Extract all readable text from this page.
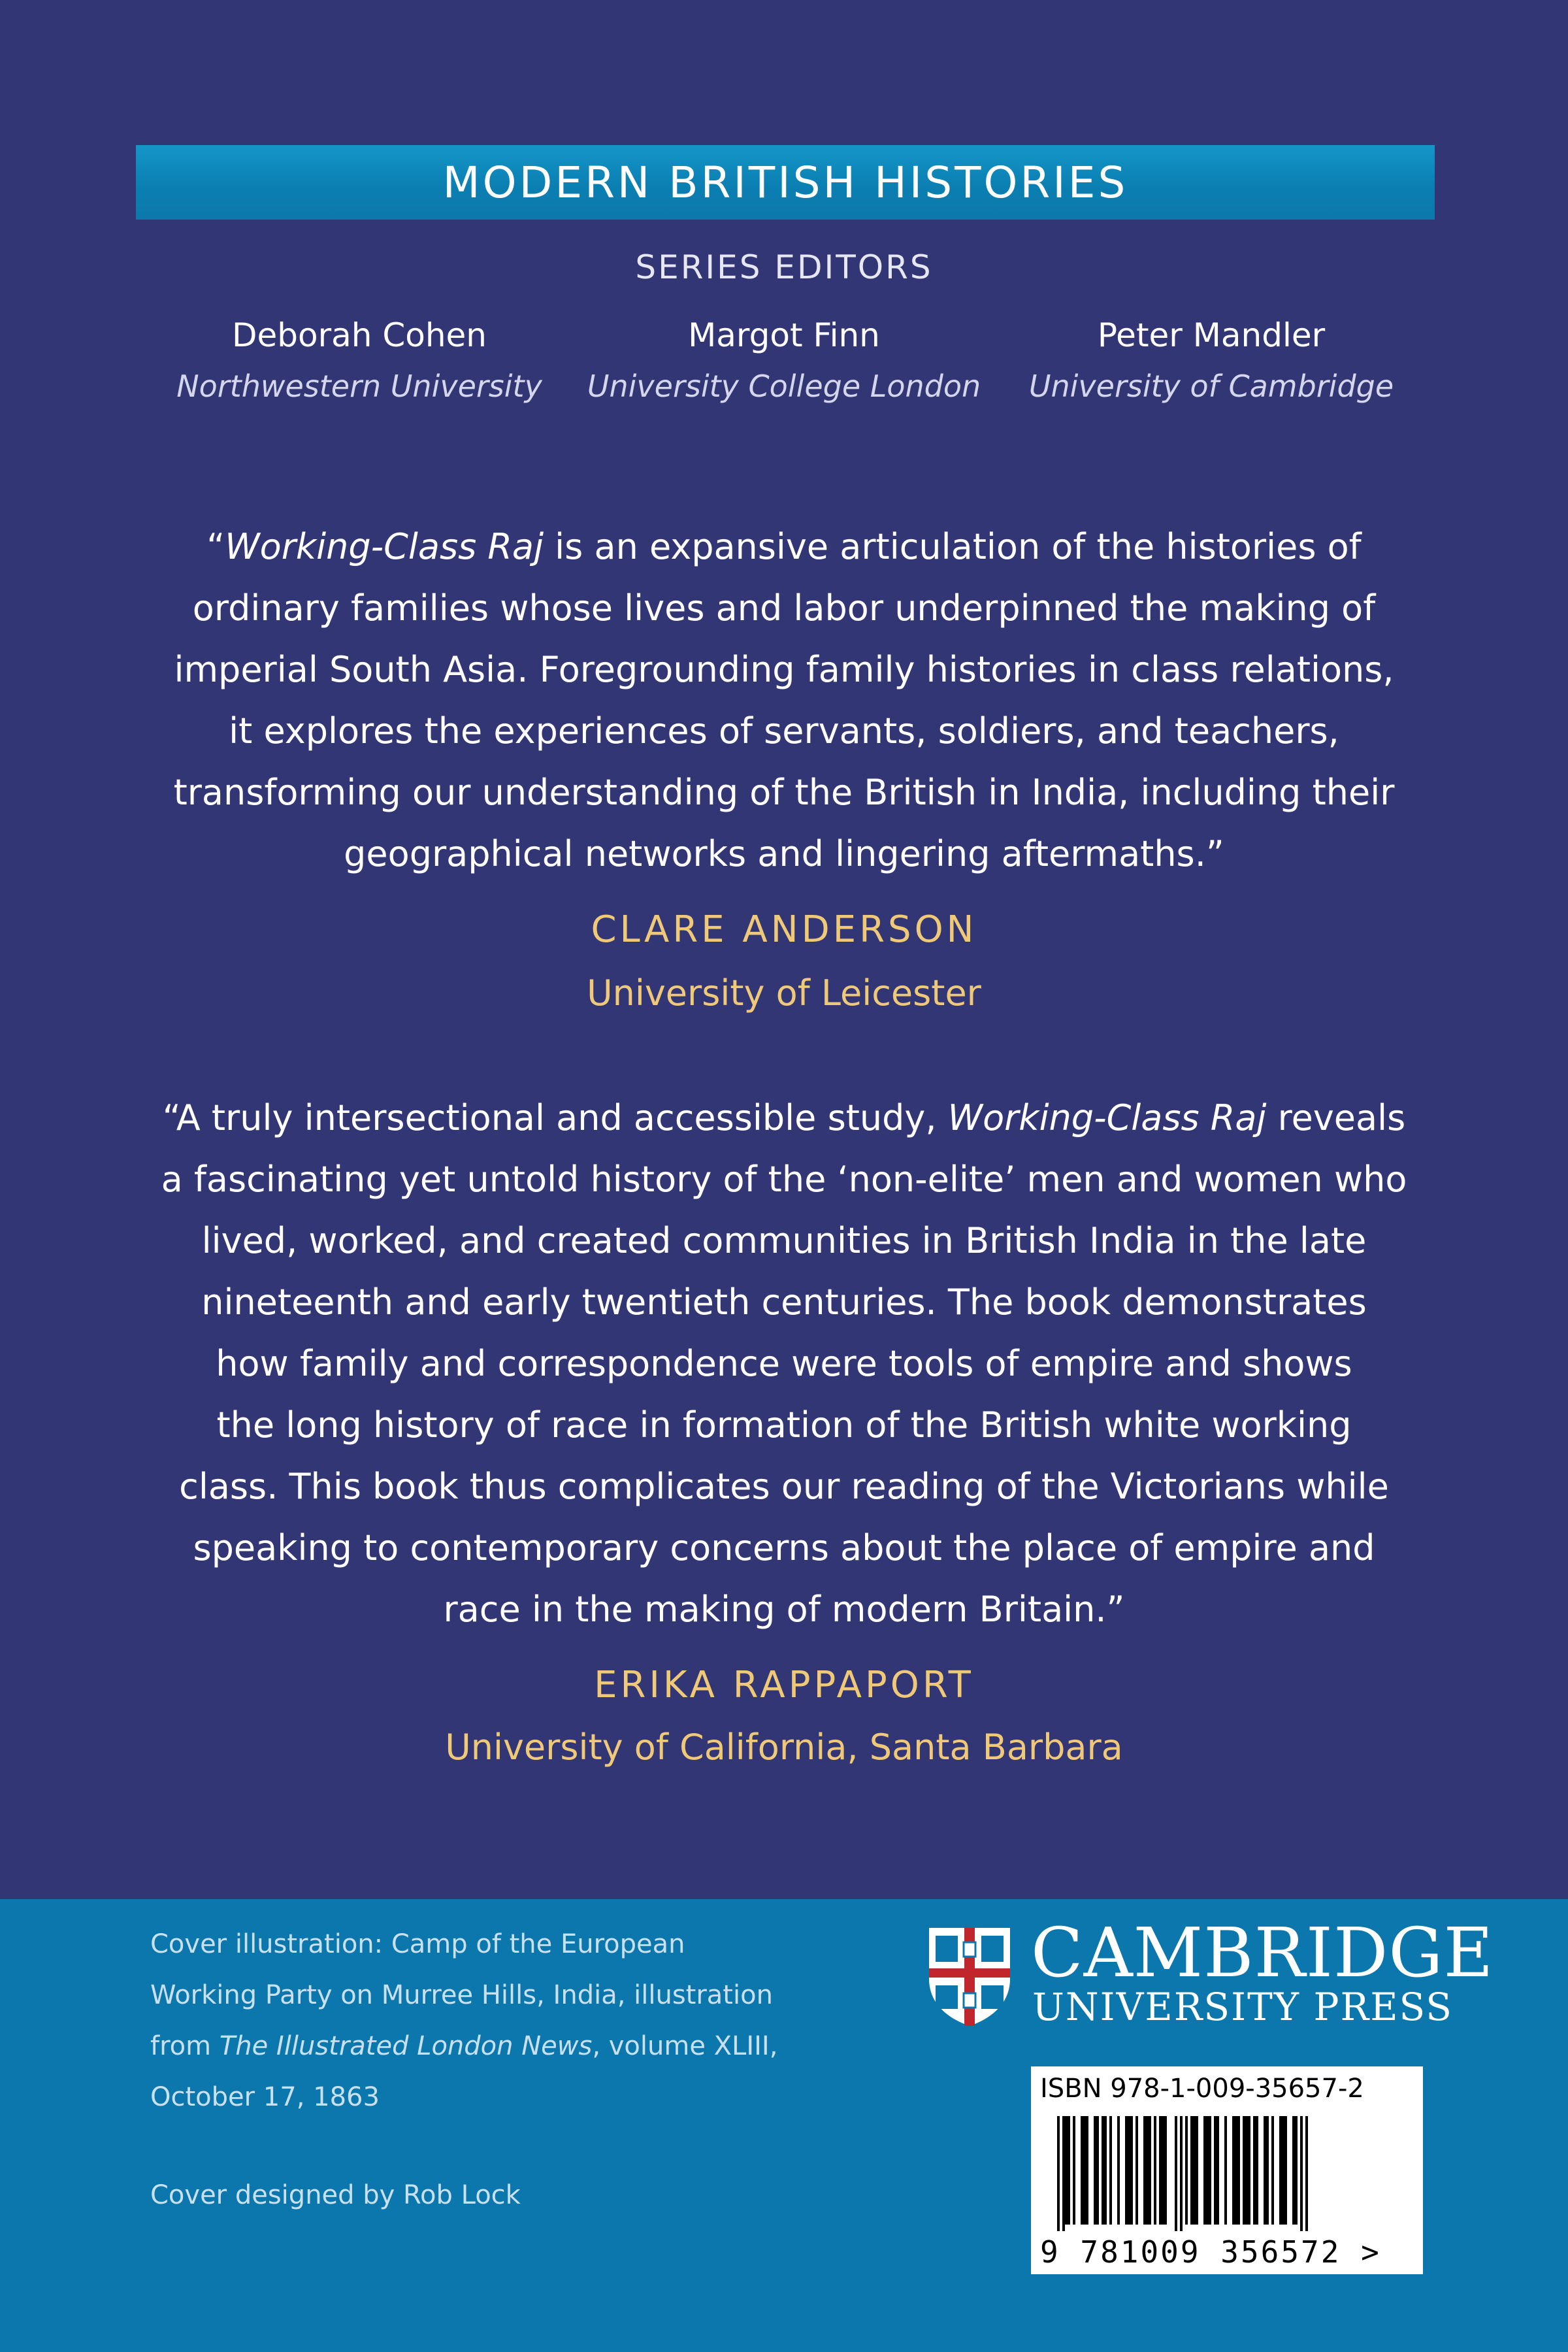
MODERN BRITISH HISTORIES
SERIES EDITORS
Deborah Cohen
Northwestern University
Margot Finn
University College London
Peter Mandler
University of Cambridge
“Working-Class Raj is an expansive articulation of the histories of
ordinary families whose lives and labor underpinned the making of
imperial South Asia. Foregrounding family histories in class relations,
it explores the experiences of servants, soldiers, and teachers,
transforming our understanding of the British in India, including their
geographical networks and lingering aftermaths.”
CLARE ANDERSON
University of Leicester
“A truly intersectional and accessible study, Working-Class Raj reveals
a fascinating yet untold history of the ‘non-elite’ men and women who
lived, worked, and created communities in British India in the late
nineteenth and early twentieth centuries. The book demonstrates
how family and correspondence were tools of empire and shows
the long history of race in formation of the British white working
class. This book thus complicates our reading of the Victorians while
speaking to contemporary concerns about the place of empire and
race in the making of modern Britain.”
ERIKA RAPPAPORT
University of California, Santa Barbara
Cover illustration: Camp of the European
Working Party on Murree Hills, India, illustration
from The Illustrated London News, volume XLIII,
October 17, 1863
Cover designed by Rob Lock
CAMBRIDGE
UNIVERSITY PRESS
ISBN 978-1-009-35657-2
9 781009 356572 >
